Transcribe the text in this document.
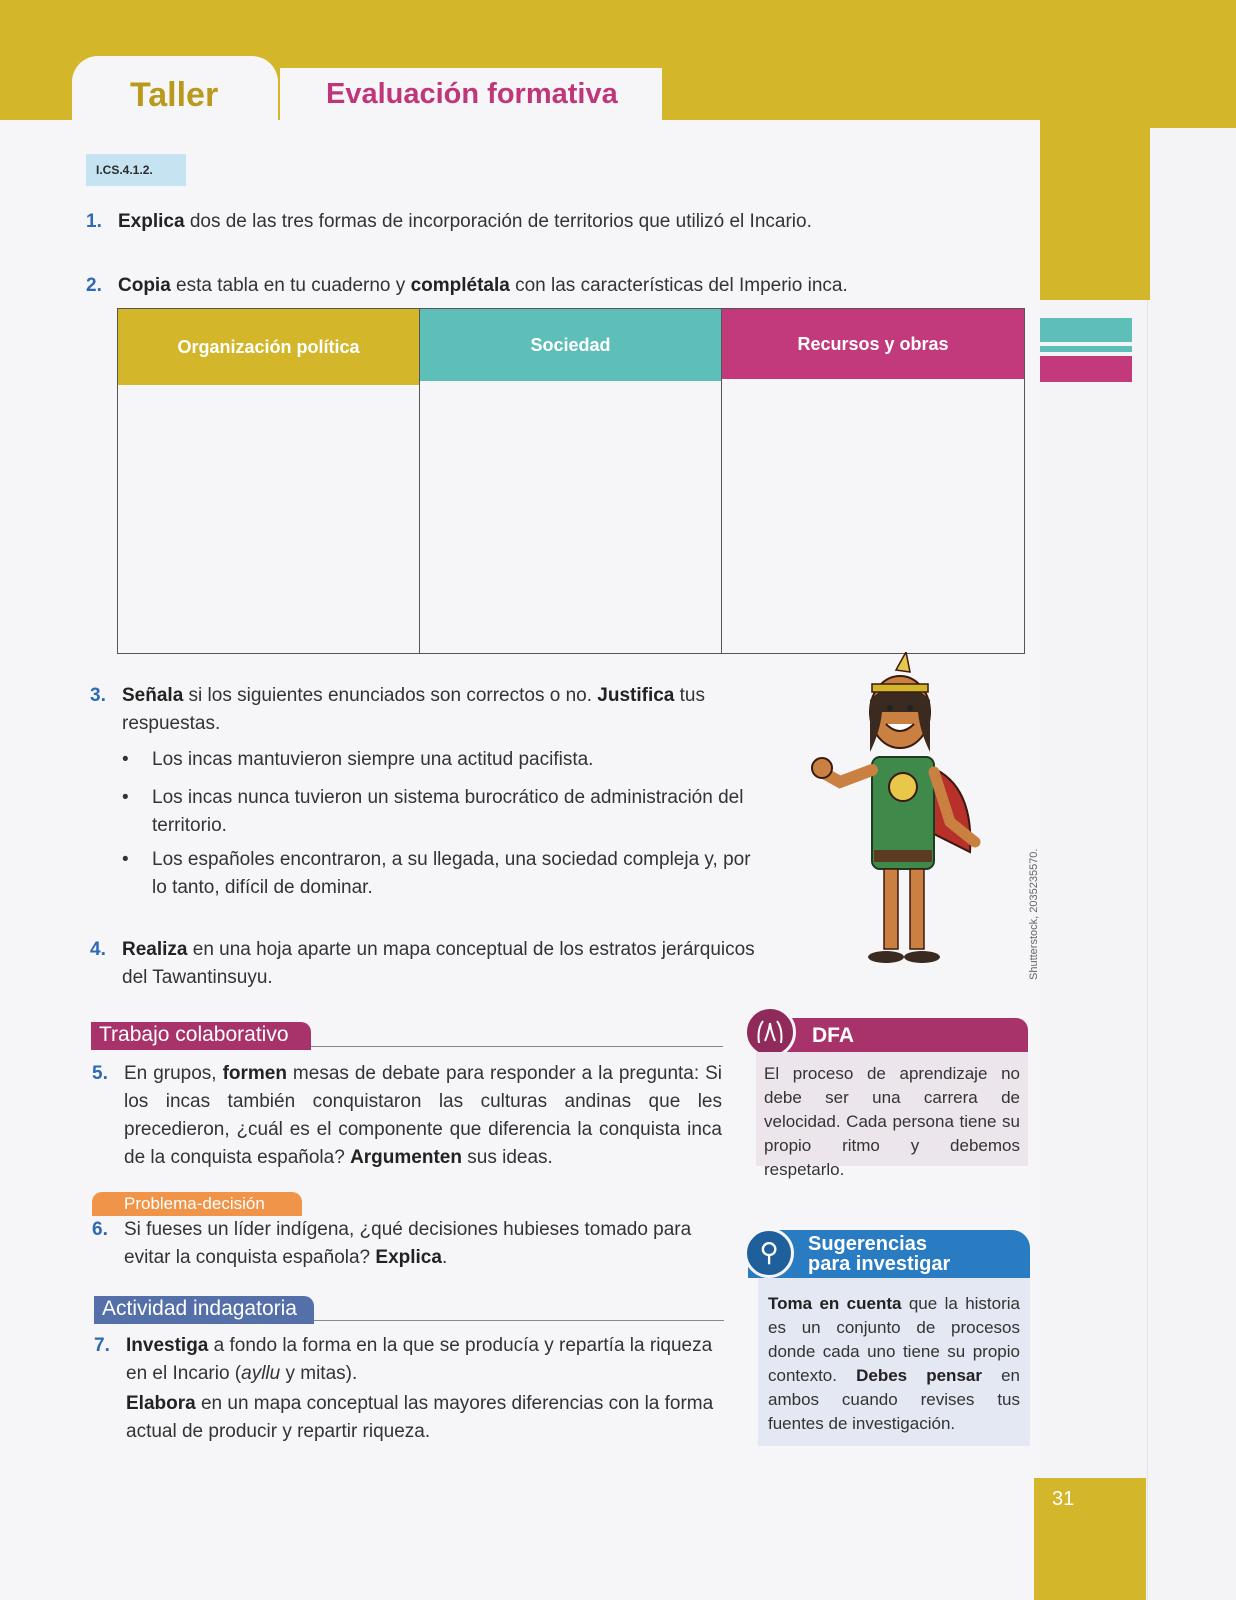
Taller	Evaluación formativa
I.CS.4.1.2.
1. Explica dos de las tres formas de incorporación de territorios que utilizó el Incario.
2. Copia esta tabla en tu cuaderno y complétala con las características del Imperio inca.
Organización política	Sociedad	Recursos y obras
3. Señala si los siguientes enunciados son correctos o no. Justifica tus respuestas.
• Los incas mantuvieron siempre una actitud pacifista.
• Los incas nunca tuvieron un sistema burocrático de administración del territorio.
• Los españoles encontraron, a su llegada, una sociedad compleja y, por lo tanto, difícil de dominar.
4. Realiza en una hoja aparte un mapa conceptual de los estratos jerárquicos del Tawantinsuyu.	Shutterstock, 2035235570.
Trabajo colaborativo
5. En grupos, formen mesas de debate para responder a la pregunta: Si los incas también conquistaron las culturas andinas que les precedieron, ¿cuál es el componente que diferencia la conquista inca de la conquista española? Argumenten sus ideas.
Problema-decisión
6. Si fueses un líder indígena, ¿qué decisiones hubieses tomado para evitar la conquista española? Explica.
Actividad indagatoria
7. Investiga a fondo la forma en la que se producía y repartía la riqueza en el Incario (ayllu y mitas).
Elabora en un mapa conceptual las mayores diferencias con la forma actual de producir y repartir riqueza.
DFA
El proceso de aprendizaje no debe ser una carrera de velocidad. Cada persona tiene su propio ritmo y debemos respetarlo.
⚲	Sugerencias
para investigar
Toma en cuenta que la historia es un conjunto de procesos donde cada uno tiene su propio contexto. Debes pensar en ambos cuando revises tus fuentes de investigación.
31
